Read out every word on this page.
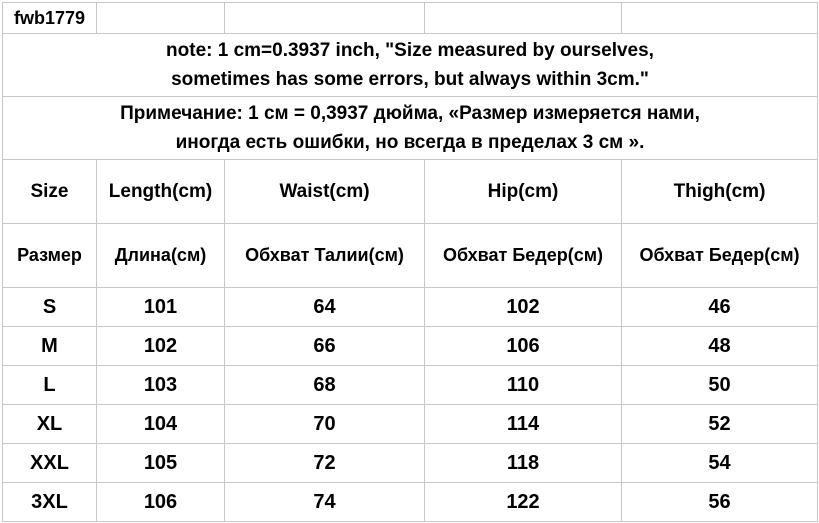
fwb1779				

note: 1 cm=0.3937 inch, "Size measured by ourselves,
sometimes has some errors, but always within 3cm."				

Примечание: 1 см = 0,3937 дюйма, «Размер измеряется нами,
иногда есть ошибки, но всегда в пределах 3 см ».				

Size	Length(cm)	Waist(cm)	Hip(cm)	Thigh(cm)
Размер	Длина(см)	Обхват Талии(см)	Обхват Бедер(см)	Обхват Бедер(см)
S	101	64	102	46
M	102	66	106	48
L	103	68	110	50
XL	104	70	114	52
XXL	105	72	118	54
3XL	106	74	122	56
